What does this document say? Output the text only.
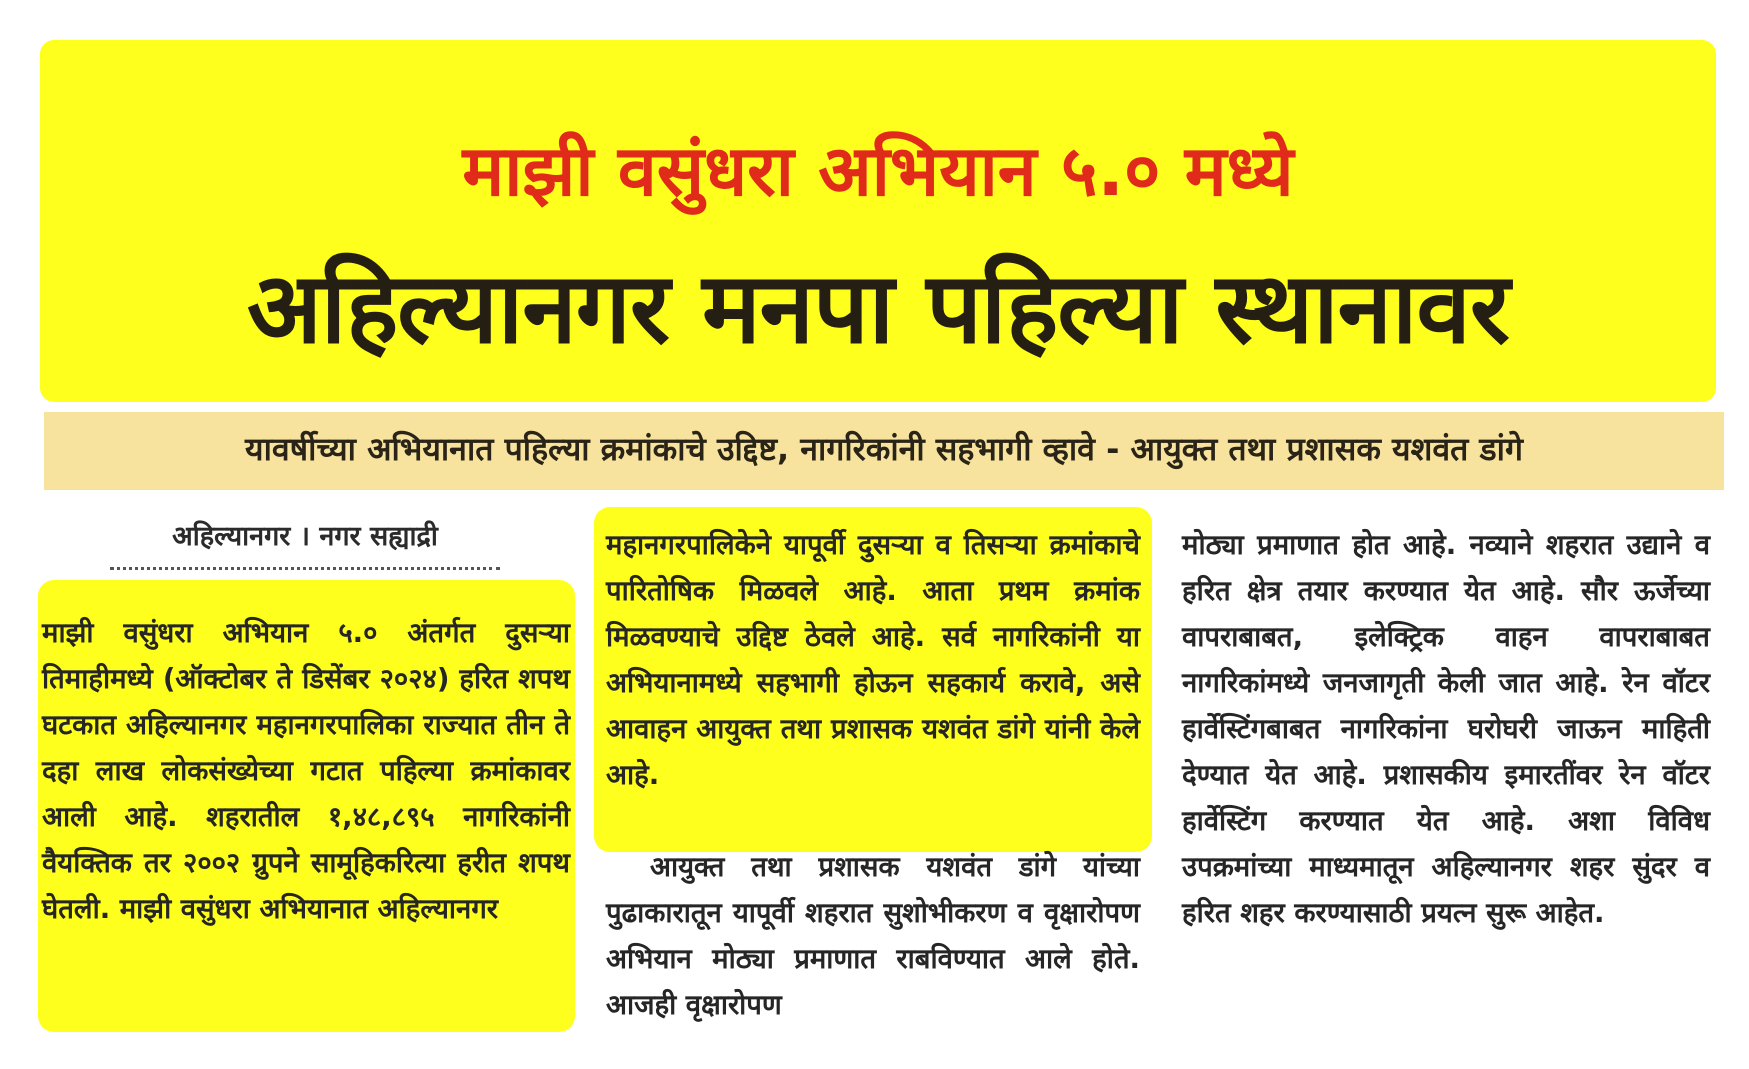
माझी वसुंधरा अभियान ५.० मध्ये
अहिल्यानगर मनपा पहिल्या स्थानावर
यावर्षीच्या अभियानात पहिल्या क्रमांकाचे उद्दिष्ट, नागरिकांनी सहभागी व्हावे - आयुक्त तथा प्रशासक यशवंत डांगे
अहिल्यानगर । नगर सह्याद्री

माझी वसुंधरा अभियान ५.० अंतर्गत दुसऱ्या तिमाहीमध्ये (ऑक्टोबर ते डिसेंबर २०२४) हरित शपथ घटकात अहिल्यानगर महानगरपालिका राज्यात तीन ते दहा लाख लोकसंख्येच्या गटात पहिल्या क्रमांकावर आली आहे. शहरातील १,४८,८९५ नागरिकांनी वैयक्तिक तर २००२ ग्रुपने सामूहिकरित्या हरीत शपथ घेतली. माझी वसुंधरा अभियानात अहिल्यानगर

महानगरपालिकेने यापूर्वी दुसऱ्या व तिसऱ्या क्रमांकाचे पारितोषिक मिळवले आहे. आता प्रथम क्रमांक मिळवण्याचे उद्दिष्ट ठेवले आहे. सर्व नागरिकांनी या अभियानामध्ये सहभागी होऊन सहकार्य करावे, असे आवाहन आयुक्त तथा प्रशासक यशवंत डांगे यांनी केले आहे.

आयुक्त तथा प्रशासक यशवंत डांगे यांच्या पुढाकारातून यापूर्वी शहरात सुशोभीकरण व वृक्षारोपण अभियान मोठ्या प्रमाणात राबविण्यात आले होते. आजही वृक्षारोपण

मोठ्या प्रमाणात होत आहे. नव्याने शहरात उद्याने व हरित क्षेत्र तयार करण्यात येत आहे. सौर ऊर्जेच्या वापराबाबत, इलेक्ट्रिक वाहन वापराबाबत नागरिकांमध्ये जनजागृती केली जात आहे. रेन वॉटर हार्वेस्टिंगबाबत नागरिकांना घरोघरी जाऊन माहिती देण्यात येत आहे. प्रशासकीय इमारतींवर रेन वॉटर हार्वेस्टिंग करण्यात येत आहे. अशा विविध उपक्रमांच्या माध्यमातून अहिल्यानगर शहर सुंदर व हरित शहर करण्यासाठी प्रयत्न सुरू आहेत.
